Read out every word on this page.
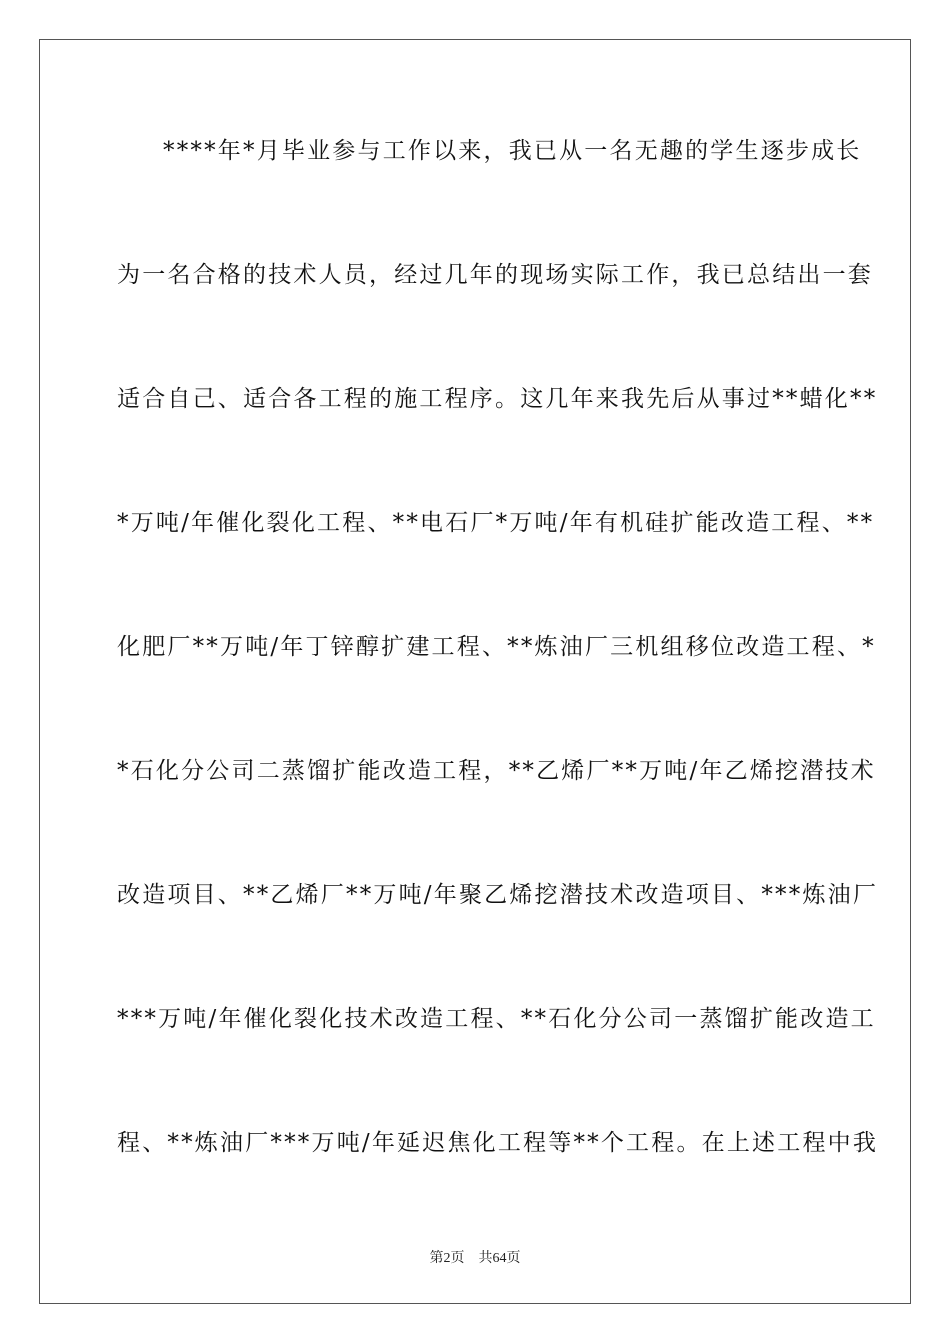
****年*月毕业参与工作以来，我已从一名无趣的学生逐步成长
为一名合格的技术人员，经过几年的现场实际工作，我已总结出一套
适合自己、适合各工程的施工程序。这几年来我先后从事过**蜡化**
*万吨/年催化裂化工程、**电石厂*万吨/年有机硅扩能改造工程、**
化肥厂**万吨/年丁锌醇扩建工程、**炼油厂三机组移位改造工程、*
*石化分公司二蒸馏扩能改造工程，**乙烯厂**万吨/年乙烯挖潜技术
改造项目、**乙烯厂**万吨/年聚乙烯挖潜技术改造项目、***炼油厂
***万吨/年催化裂化技术改造工程、**石化分公司一蒸馏扩能改造工
程、**炼油厂***万吨/年延迟焦化工程等**个工程。在上述工程中我
第2页　共64页
